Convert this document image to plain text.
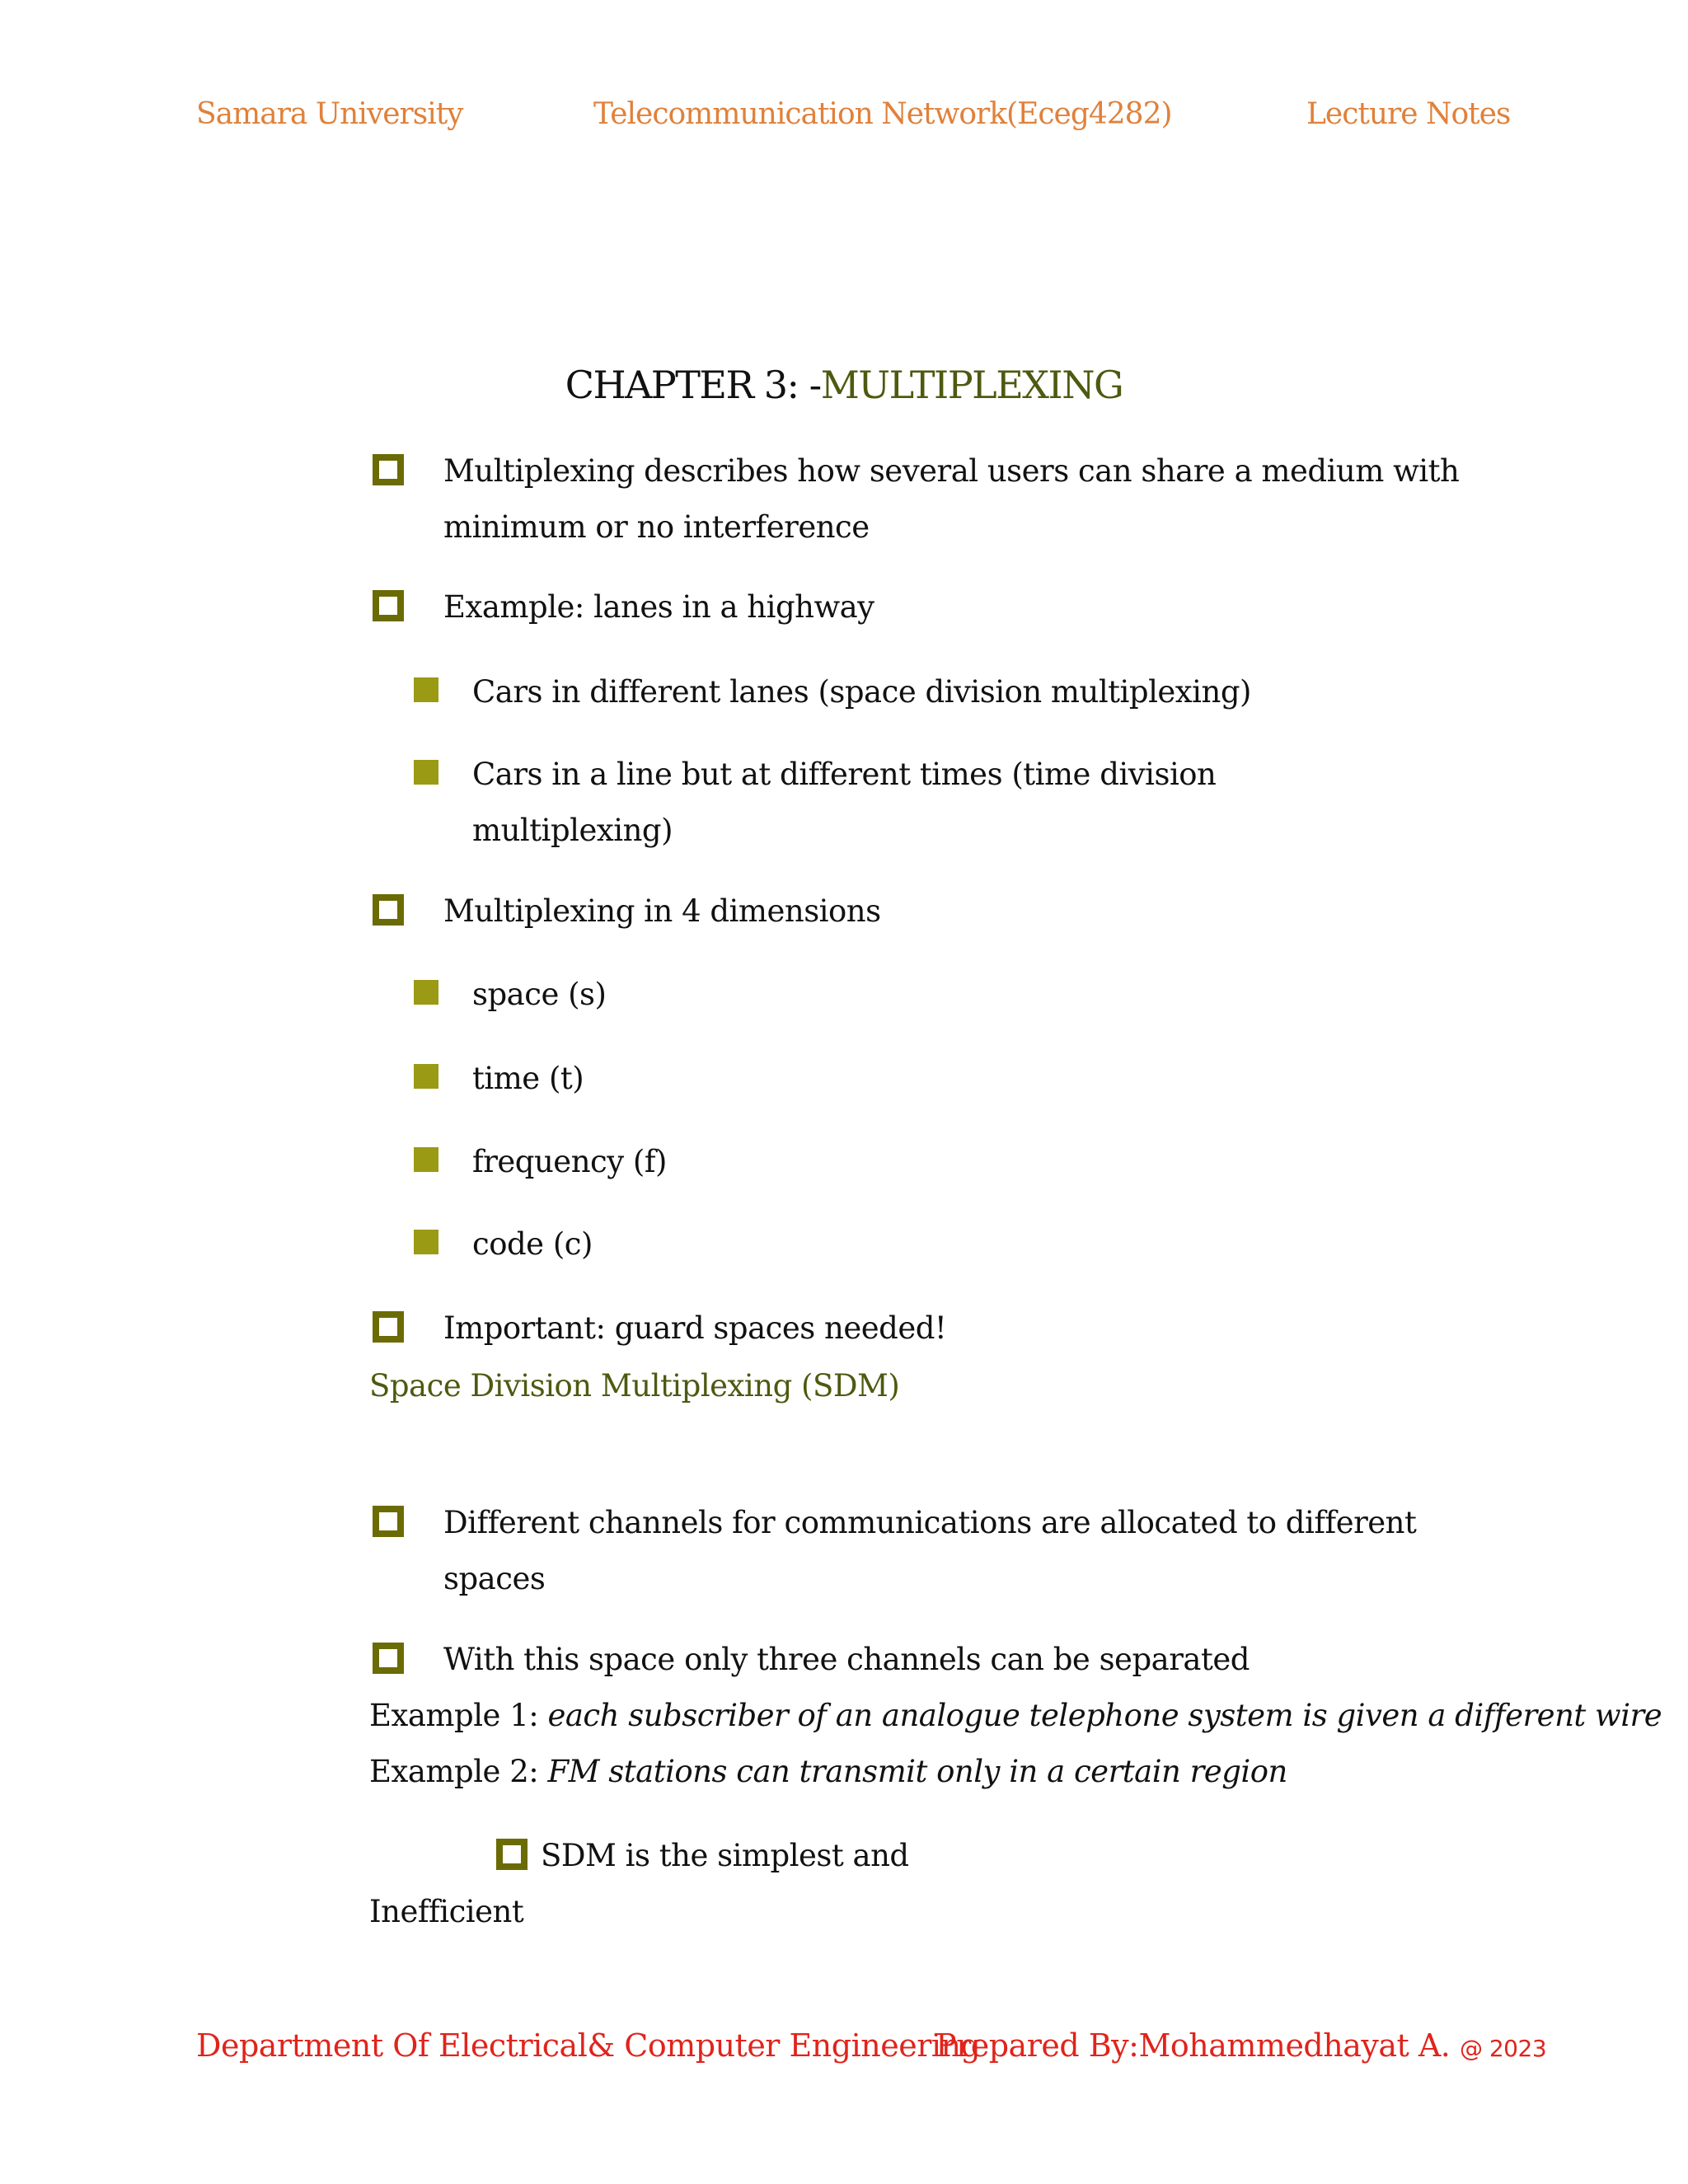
Samara University	Telecommunication Network(Eceg4282)	Lecture Notes
CHAPTER 3: -MULTIPLEXING
Multiplexing describes how several users can share a medium with
minimum or no interference
Example: lanes in a highway
Cars in different lanes (space division multiplexing)
Cars in a line but at different times (time division
multiplexing)
Multiplexing in 4 dimensions
space (s)
time (t)
frequency (f)
code (c)
Important: guard spaces needed!
Space Division Multiplexing (SDM)
Different channels for communications are allocated to different
spaces
With this space only three channels can be separated
Example 1: each subscriber of an analogue telephone system is given a different wire
Example 2: FM stations can transmit only in a certain region
SDM is the simplest and
Inefficient
Department Of Electrical& Computer Engineering
Prepared By:Mohammedhayat A. @ 2023
